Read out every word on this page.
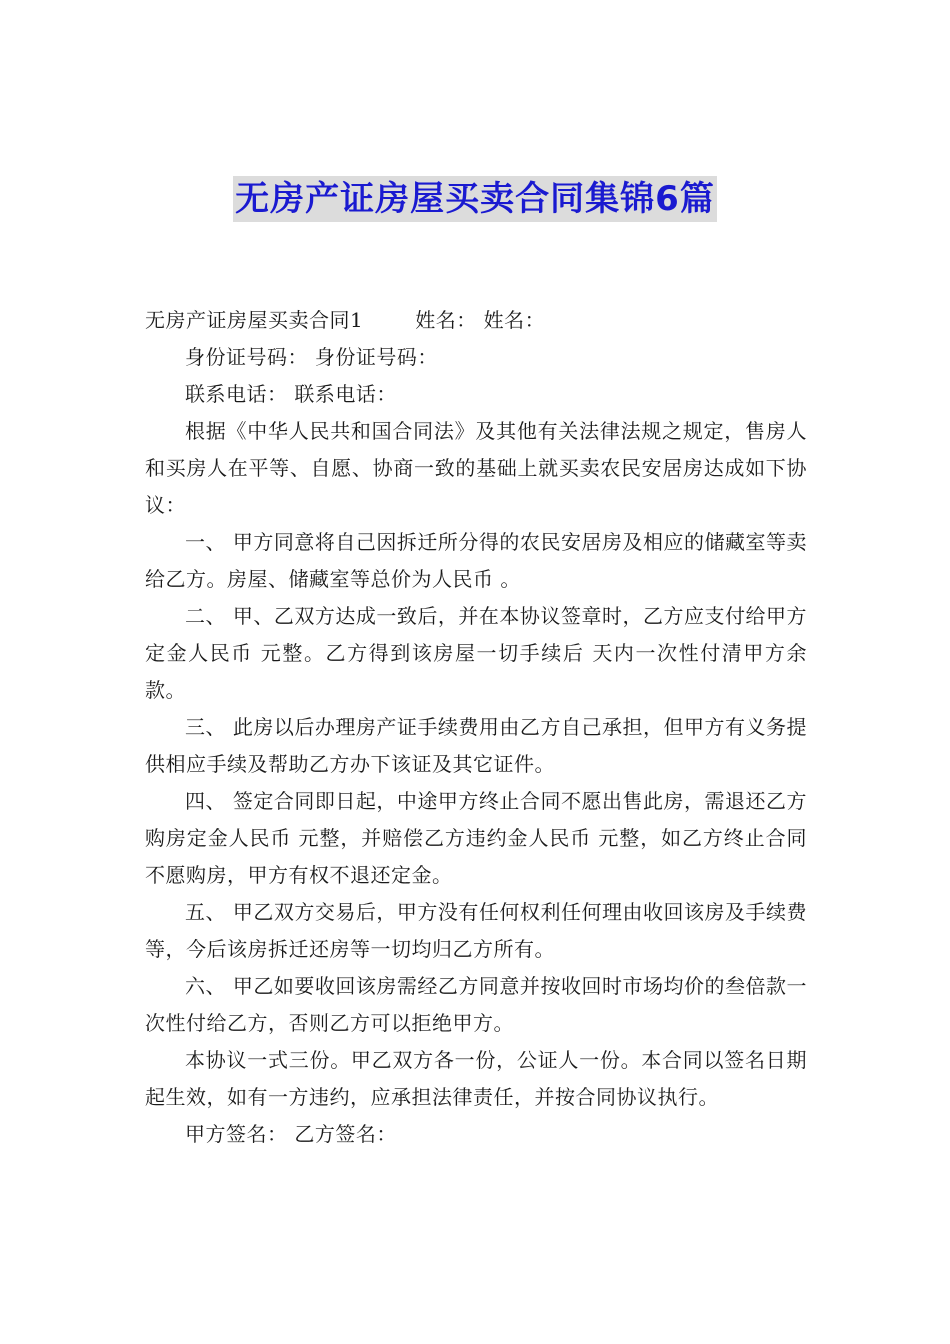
无房产证房屋买卖合同集锦6篇

无房产证房屋买卖合同1	姓名： 姓名：

身份证号码： 身份证号码：

联系电话： 联系电话：

根据《中华人民共和国合同法》及其他有关法律法规之规定，售房人和买房人在平等、自愿、协商一致的基础上就买卖农民安居房达成如下协议：

一、 甲方同意将自己因拆迁所分得的农民安居房及相应的储藏室等卖给乙方。房屋、储藏室等总价为人民币 。

二、 甲、乙双方达成一致后，并在本协议签章时，乙方应支付给甲方定金人民币 元整。乙方得到该房屋一切手续后 天内一次性付清甲方余款。

三、 此房以后办理房产证手续费用由乙方自己承担，但甲方有义务提供相应手续及帮助乙方办下该证及其它证件。

四、 签定合同即日起，中途甲方终止合同不愿出售此房，需退还乙方购房定金人民币 元整，并赔偿乙方违约金人民币 元整，如乙方终止合同不愿购房，甲方有权不退还定金。

五、 甲乙双方交易后，甲方没有任何权利任何理由收回该房及手续费等，今后该房拆迁还房等一切均归乙方所有。

六、 甲乙如要收回该房需经乙方同意并按收回时市场均价的叁倍款一次性付给乙方，否则乙方可以拒绝甲方。

本协议一式三份。甲乙双方各一份，公证人一份。本合同以签名日期起生效，如有一方违约，应承担法律责任，并按合同协议执行。

甲方签名： 乙方签名：
